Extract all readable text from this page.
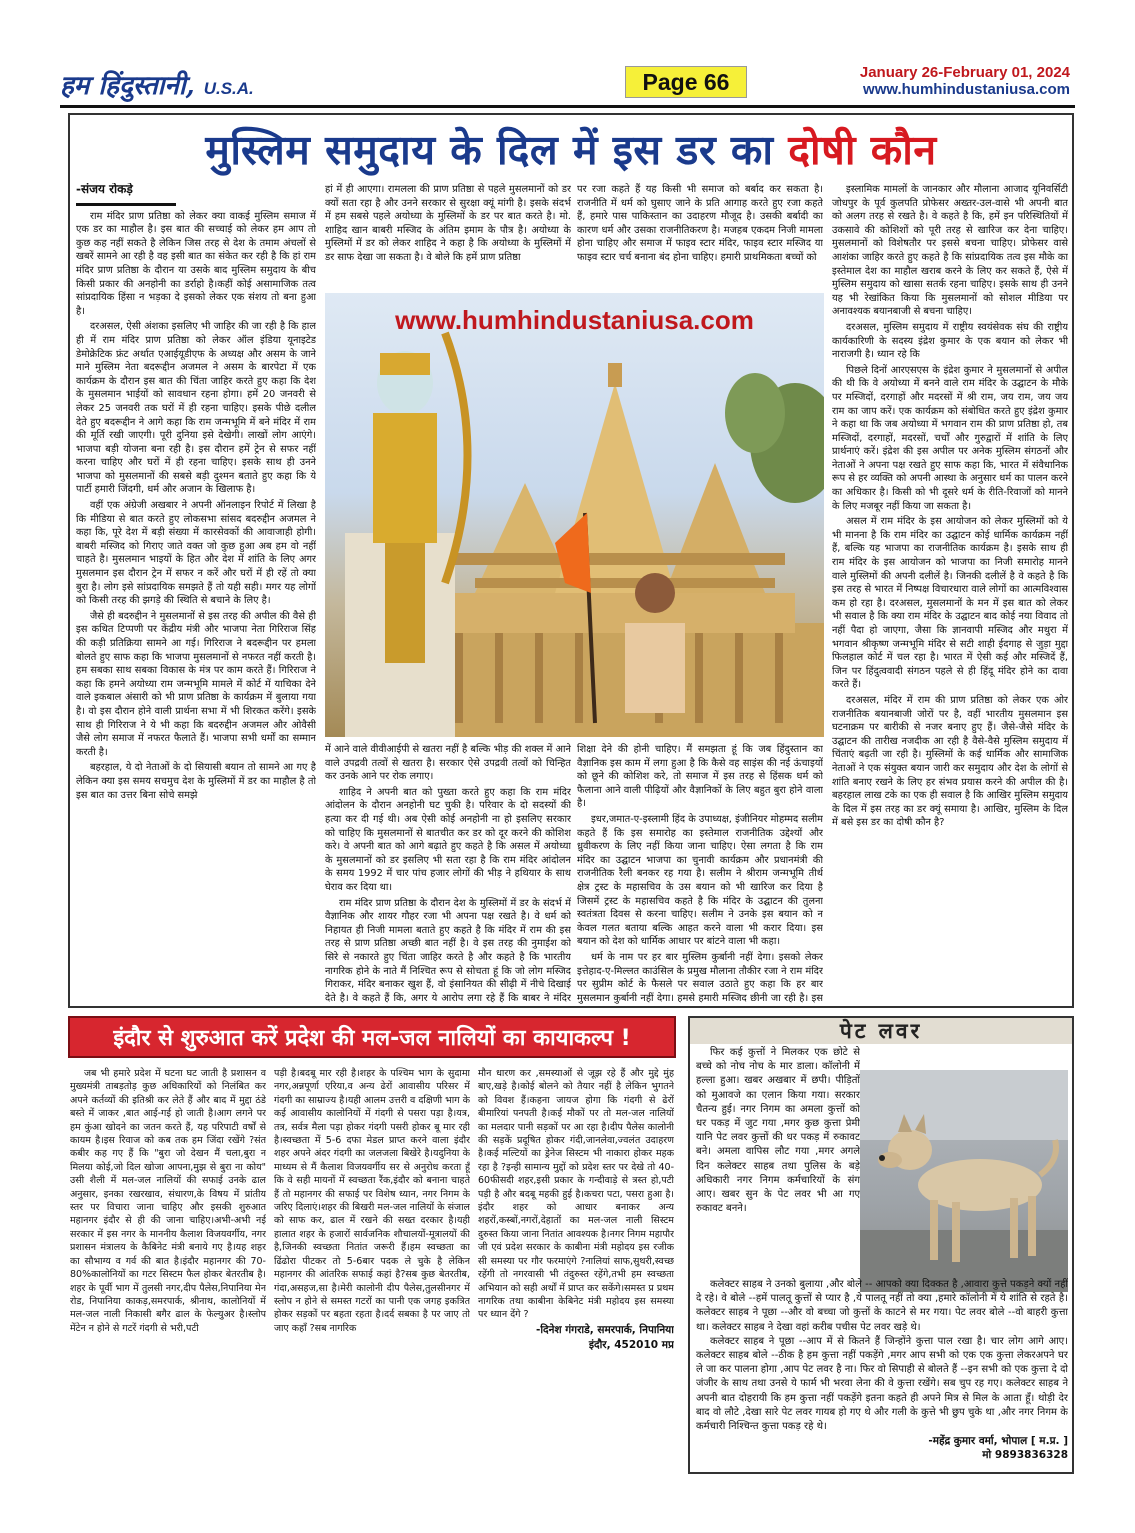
हम हिंदुस्तानी, U.S.A.	Page 66	January 26-February 01, 2024
www.humhindustaniusa.com
मुस्लिम समुदाय के दिल में इस डर का दोषी कौन

-संजय रोकड़े

राम मंदिर प्राण प्रतिष्ठा को लेकर क्या वाकई मुस्लिम समाज में एक डर का माहौल है। इस बात की सच्चाई को लेकर हम आप तो कुछ कह नहीं सकते है लेकिन जिस तरह से देश के तमाम अंचलों से खबरें सामने आ रही है वह इसी बात का संकेत कर रही है कि हां राम मंदिर प्राण प्रतिष्ठा के दौरान या उसके बाद मुस्लिम समुदाय के बीच किसी प्रकार की अनहोनी का डर्राहो है।कहीं कोई असामाजिक तत्व सांप्रदायिक हिंसा न भड़का दे इसको लेकर एक संशय तो बना हुआ है।

दरअसल, ऐसी अंशका इसलिए भी जाहिर की जा रही है कि हाल ही में राम मंदिर प्राण प्रतिष्ठा को लेकर ऑल इंडिया यूनाइटेड डेमोक्रेटिक फ्रंट अर्थात एआईयूडीएफ के अध्यक्ष और असम के जाने माने मुस्लिम नेता बदरूद्दीन अजमल ने असम के बारपेटा में एक कार्यक्रम के दौरान इस बात की चिंता जाहिर करते हुए कहा कि देश के मुसलमान भाईयों को सावधान रहना होगा। हमें 20 जनवरी से लेकर 25 जनवरी तक घरों में ही रहना चाहिए। इसके पीछे दलील देते हुए बदरूद्दीन ने आगे कहा कि राम जन्मभूमि में बने मंदिर में राम की मूर्ति रखी जाएगी। पूरी दुनिया इसे देखेगी। लाखों लोग आएंगे। भाजपा बड़ी योजना बना रही है। इस दौरान हमें ट्रेन से सफर नहीं करना चाहिए और घरों में ही रहना चाहिए। इसके साथ ही उनने भाजपा को मुसलमानों की सबसे बड़ी दुश्मन बताते हुए कहा कि ये पार्टी हमारी जिंदगी, धर्म और अजान के खिलाफ है।

वहीं एक अंग्रेजी अखबार ने अपनी ऑनलाइन रिपोर्ट में लिखा है कि मीडिया से बात करते हुए लोकसभा सांसद बदरुद्दीन अजमल ने कहा कि, पूरे देश में बड़ी संख्या में कारसेवकों की आवाजाही होगी। बाबरी मस्जिद को गिराए जाते वक्त जो कुछ हुआ अब हम वो नहीं चाहते है। मुसलमान भाइयों के हित और देश में शांति के लिए अगर मुसलमान इस दौरान ट्रेन में सफर न करें और घरों में ही रहें तो क्या बुरा है। लोग इसे सांप्रदायिक समझते हैं तो यही सही। मगर यह लोगों को किसी तरह की झगड़े की स्थिति से बचाने के लिए है।

जैसे ही बदरुद्दीन ने मुसलमानों से इस तरह की अपील की वैसे ही इस कथित टिप्पणी पर केंद्रीय मंत्री और भाजपा नेता गिरिराज सिंह की कड़ी प्रतिक्रिया सामने आ गई। गिरिराज ने बदरूद्दीन पर हमला बोलते हुए साफ कहा कि भाजपा मुसलमानों से नफरत नहीं करती है। हम सबका साथ सबका विकास के मंत्र पर काम करते हैं। गिरिराज ने कहा कि हमने अयोध्या राम जन्मभूमि मामले में कोर्ट में याचिका देने वाले इकबाल अंसारी को भी प्राण प्रतिष्ठा के कार्यक्रम में बुलाया गया है। वो इस दौरान होने वाली प्रार्थना सभा में भी शिरकत करेंगे। इसके साथ ही गिरिराज ने ये भी कहा कि बदरुद्दीन अजमल और ओवैसी जैसे लोग समाज में नफरत फैलाते हैं। भाजपा सभी धर्मों का सम्मान करती है।

बहरहाल, ये दो नेताओं के दो सियासी बयान तो सामने आ गए है लेकिन क्या इस समय सचमुच देश के मुस्लिमों में डर का माहौल है तो इस बात का उत्तर बिना सोचे समझे

हां में ही आएगा। रामलला की प्राण प्रतिष्ठा से पहले मुसलमानों को डर क्यों सता रहा है और उनने सरकार से सुरक्षा क्यूं मांगी है। इसके संदर्भ में हम सबसे पहले अयोध्या के मुस्लिमों के डर पर बात करते है। मो. शाहिद खान बाबरी मस्जिद के अंतिम इमाम के पौत्र है। अयोध्या के मुस्लिमों में डर को लेकर शाहिद ने कहा है कि अयोध्या के मुस्लिमों में डर साफ देखा जा सकता है। वे बोले कि हमें प्राण प्रतिष्ठा

पर रजा कहते हैं यह किसी भी समाज को बर्बाद कर सकता है। राजनीति में धर्म को घुसाए जाने के प्रति आगाह करते हुए रजा कहते हैं, हमारे पास पाकिस्तान का उदाहरण मौजूद है। उसकी बर्बादी का कारण धर्म और उसका राजनीतिकरण है। मजहब एकदम निजी मामला होना चाहिए और समाज में फाइव स्टार मंदिर, फाइव स्टार मस्जिद या फाइव स्टार चर्च बनाना बंद होना चाहिए। हमारी प्राथमिकता बच्चों को

www.humhindustaniusa.com

में आने वाले वीवीआईपी से खतरा नहीं है बल्कि भीड़ की शक्ल में आने वाले उपद्रवी तत्वों से खतरा है। सरकार ऐसे उपद्रवी तत्वों को चिन्हित कर उनके आने पर रोक लगाए।

शाहिद ने अपनी बात को पुख्ता करते हुए कहा कि राम मंदिर आंदोलन के दौरान अनहोनी घट चुकी है। परिवार के दो सदस्यों की हत्या कर दी गई थी। अब ऐसी कोई अनहोनी ना हो इसलिए सरकार को चाहिए कि मुसलमानों से बातचीत कर डर को दूर करने की कोशिश करे। वे अपनी बात को आगे बढ़ाते हुए कहते है कि असल में अयोध्या के मुसलमानों को डर इसलिए भी सता रहा है कि राम मंदिर आंदोलन के समय 1992 में चार पांच हजार लोगों की भीड़ ने हथियार के साथ घेराव कर दिया था।

राम मंदिर प्राण प्रतिष्ठा के दौरान देश के मुस्लिमों में डर के संदर्भ में वैज्ञानिक और शायर गौहर रजा भी अपना पक्ष रखते है। वे धर्म को निहायत ही निजी मामला बताते हुए कहते है कि मंदिर में राम की इस तरह से प्राण प्रतिष्ठा अच्छी बात नहीं है। वे इस तरह की नुमाईश को सिरे से नकारते हुए चिंता जाहिर करते है और कहते है कि भारतीय नागरिक होने के नाते मैं निश्चित रूप से सोचता हूं कि जो लोग मस्जिद गिराकर, मंदिर बनाकर खुश हैं, वो इंसानियत की सीढ़ी में नीचे दिखाई देते है। वे कहते हैं कि, अगर ये आरोप लगा रहे हैं कि बाबर ने मंदिर

शिक्षा देने की होनी चाहिए। मैं समझता हूं कि जब हिंदुस्तान का वैज्ञानिक इस काम में लगा हुआ है कि कैसे वह साइंस की नई ऊंचाइयों को छूने की कोशिश करे, तो समाज में इस तरह से हिंसक धर्म को फैलाना आने वाली पीढ़ियों और वैज्ञानिकों के लिए बहुत बुरा होने वाला है।

इधर,जमात-ए-इस्लामी हिंद के उपाध्यक्ष, इंजीनियर मोहम्मद सलीम कहते हैं कि इस समारोह का इस्तेमाल राजनीतिक उद्देश्यों और ध्रुवीकरण के लिए नहीं किया जाना चाहिए। ऐसा लगता है कि राम मंदिर का उद्घाटन भाजपा का चुनावी कार्यक्रम और प्रधानमंत्री की राजनीतिक रैली बनकर रह गया है। सलीम ने श्रीराम जन्मभूमि तीर्थ क्षेत्र ट्रस्ट के महासचिव के उस बयान को भी खारिज कर दिया है जिसमें ट्रस्ट के महासचिव कहते है कि मंदिर के उद्घाटन की तुलना स्वतंत्रता दिवस से करना चाहिए। सलीम ने उनके इस बयान को न केवल गलत बताया बल्कि आहत करने वाला भी करार दिया। इस बयान को देश को धार्मिक आधार पर बांटने वाला भी कहा।

धर्म के नाम पर हर बार मुस्लिम कुर्बानी नहीं देगा। इसको लेकर इत्तेहाद-ए-मिल्लत काउंसिल के प्रमुख मौलाना तौकीर रजा ने राम मंदिर पर सुप्रीम कोर्ट के फैसले पर सवाल उठाते हुए कहा कि हर बार मुसलमान कुर्बानी नहीं देगा। हमसे हमारी मस्जिद छीनी जा रही है। इस

इस्लामिक मामलों के जानकार और मौलाना आजाद यूनिवर्सिटी जोधपुर के पूर्व कुलपति प्रोफेसर अख्तर-उल-वासे भी अपनी बात को अलग तरह से रखते है। वे कहते है कि, हमें इन परिस्थितियों में उकसावे की कोशिशों को पूरी तरह से खारिज कर देना चाहिए। मुसलमानों को विशेषतौर पर इससे बचना चाहिए। प्रोफेसर वासे आशंका जाहिर करते हुए कहते है कि सांप्रदायिक तत्व इस मौके का इस्तेमाल देश का माहौल खराब करने के लिए कर सकते हैं, ऐसे में मुस्लिम समुदाय को खासा सतर्क रहना चाहिए। इसके साथ ही उनने यह भी रेखांकित किया कि मुसलमानों को सोशल मीडिया पर अनावश्यक बयानबाजी से बचना चाहिए।

दरअसल, मुस्लिम समुदाय में राष्ट्रीय स्वयंसेवक संघ की राष्ट्रीय कार्यकारिणी के सदस्य इंद्रेश कुमार के एक बयान को लेकर भी नाराजगी है। ध्यान रहे कि

पिछले दिनों आरएसएस के इंद्रेश कुमार ने मुसलमानों से अपील की थी कि वे अयोध्या में बनने वाले राम मंदिर के उद्घाटन के मौके पर मस्जिदों, दरगाहों और मदरसों में श्री राम, जय राम, जय जय राम का जाप करें। एक कार्यक्रम को संबोधित करते हुए इंद्रेश कुमार ने कहा था कि जब अयोध्या में भगवान राम की प्राण प्रतिष्ठा हो, तब मस्जिदों, दरगाहों, मदरसों, चर्चों और गुरुद्वारों में शांति के लिए प्रार्थनाएं करें। इंद्रेश की इस अपील पर अनेक मुस्लिम संगठनों और नेताओं ने अपना पक्ष रखते हुए साफ कहा कि, भारत में संवैधानिक रूप से हर व्यक्ति को अपनी आस्था के अनुसार धर्म का पालन करने का अधिकार है। किसी को भी दूसरे धर्म के रीति-रिवाजों को मानने के लिए मजबूर नहीं किया जा सकता है।

असल में राम मंदिर के इस आयोजन को लेकर मुस्लिमों को ये भी मानना है कि राम मंदिर का उद्घाटन कोई धार्मिक कार्यक्रम नहीं हैं, बल्कि यह भाजपा का राजनीतिक कार्यक्रम है। इसके साथ ही राम मंदिर के इस आयोजन को भाजपा का निजी समारोह मानने वाले मुस्लिमों की अपनी दलीलें है। जिनकी दलीलें है वे कहते है कि इस तरह से भारत में निष्पक्ष विचारधारा वाले लोगों का आत्मविश्वास कम हो रहा है। दरअसल, मुसलमानों के मन में इस बात को लेकर भी सवाल है कि क्या राम मंदिर के उद्घाटन बाद कोई नया विवाद तो नहीं पैदा हो जाएगा, जैसा कि ज्ञानवापी मस्जिद और मथुरा में भगवान श्रीकृष्ण जन्मभूमि मंदिर से सटी शाही ईदगाह से जुड़ा मुद्दा फिलहाल कोर्ट में चल रहा है। भारत में ऐसी कई और मस्जिदें हैं, जिन पर हिंदुत्ववादी संगठन पहले से ही हिंदू मंदिर होने का दावा करते हैं।

दरअसल, मंदिर में राम की प्राण प्रतिष्ठा को लेकर एक ओर राजनीतिक बयानबाजी जोरों पर है, वहीं भारतीय मुसलमान इस घटनाक्रम पर बारीकी से नजर बनाए हुए हैं। जैसे-जैसे मंदिर के उद्घाटन की तारीख नजदीक आ रही है वैसे-वैसे मुस्लिम समुदाय में चिंताएं बढ़ती जा रही है। मुस्लिमों के कई धार्मिक और सामाजिक नेताओं ने एक संयुक्त बयान जारी कर समुदाय और देश के लोगों से शांति बनाए रखने के लिए हर संभव प्रयास करने की अपील की है। बहरहाल लाख टके का एक ही सवाल है कि आखिर मुस्लिम समुदाय के दिल में इस तरह का डर क्यूं समाया है। आखिर, मुस्लिम के दिल में बसे इस डर का दोषी कौन है?

इंदौर से शुरुआत करें प्रदेश की मल-जल नालियों का कायाकल्प !

जब भी हमारे प्रदेश में घटना घट जाती है प्रशासन व मुख्यमंत्री ताबड़तोड़ कुछ अधिकारियों को निलंबित कर अपने कर्तव्यों की इतिश्री कर लेते हैं और बाद में मुद्दा ठंडे बस्ते में जाकर ,बात आई-गई हो जाती है।आग लगने पर हम कुंआ खोदने का जतन करते हैं, यह परिपाटी वर्षों से कायम है।इस रिवाज को कब तक हम जिंदा रखेंगे ?संत कबीर कह गए हैं कि "बुरा जो देखन मैं चला,बुरा न मिलया कोई,जो दिल खोजा आपना,मुझ से बुरा ना कोय" उसी शैली में मल-जल नालियों की सफाई उनके ढाल अनुसार, इनका रखरखाव, संधारण,के विषय में प्रांतीय स्तर पर विचारा जाना चाहिए और इसकी शुरुआत महानगर इंदौर से ही की जाना चाहिए।अभी-अभी नई सरकार में इस नगर के माननीय कैलाश विजयवर्गीय, नगर प्रशासन मंत्रालय के कैबिनेट मंत्री बनाये गए है।यह शहर का सौभाग्य व गर्व की बात है।इंदौर महानगर की 70-80%कालोनियों का गटर सिस्टम फैल होकर बेतरतीब है।शहर के पूर्वी भाग में तुलसी नगर,दीप पैलेस,निपानिया मेन रोड, निपानिया काकड़,समरपार्क, श्रीनाथ, कालोनियों में मल-जल नाली निकासी बगैर ढाल के फेल्युअर है।स्लोप मेंटेन न होने से गटरें गंदगी से भरी,पटी

पड़ी है।बदबू मार रही है।शहर के पश्चिम भाग के सुदामा नगर,अन्नपूर्णा एरिया,व अन्य ढेरों आवासीय परिसर में गंदगी का साम्राज्य है।यही आलम उत्तरी व दक्षिणी भाग के कई आवासीय कालोनियों में गंदगी से पसरा पड़ा है।यत्र, तत्र, सर्वत्र मैला पड़ा होकर गंदगी पसरी होकर बू मार रही है।स्वच्छता में 5-6 दफा मेडल प्राप्त करने वाला इंदौर शहर अपने अंदर गंदगी का जलजला बिखेरे है।यदुनिया के माध्यम से मैं कैलाश विजयवर्गीय सर से अनुरोध करता हूँ कि वे सही मायनों में स्वच्छता रैंक,इंदौर को बनाना चाहते हैं तो महानगर की सफाई पर विशेष ध्यान, नगर निगम के जरिए दिलाएं।शहर की बिखरी मल-जल नालियों के संजाल को साफ कर, ढाल में रखने की सख्त दरकार है।यही हालात शहर के हजारों सार्वजनिक शौचालयों-मूत्रालयों की है,जिनकी स्वच्छता नितांत जरूरी हैं।हम स्वच्छता का ढिंढोरा पीटकर तो 5-6बार पदक ले चुके है लेकिन महानगर की आंतरिक सफाई कहां है?सब कुछ बेतरतीब, गंदा,असहज,सा है।मेरी कालोनी दीप पैलेस,तुलसीनगर में स्लोप न होने से समस्त गटरों का पानी एक जगह इकत्रित होकर सड़कों पर बहता रहता है।दर्द सबका है पर जाए तो जाए कहाँ ?सब नागरिक

मौन धारण कर ,समस्याओं से जूझ रहे हैं और मुद्दे मुंह बाए,खड़े है।कोई बोलने को तैयार नहीं है लेकिन भुगतने को विवश हैं।कहना जायज होगा कि गंदगी से ढेरों बीमारियां पनपती है।कई मौकों पर तो मल-जल नालियों का मलदार पानी सड़कों पर आ रहा है।दीप पैलेस कालोनी की सड़कें प्रदूषित होकर गंदी,जानलेवा,ज्वलंत उदाहरण है।कई मल्टियों का ड्रेनेज सिस्टम भी नाकारा होकर महक रहा है ?इन्ही सामान्य मुद्दों को प्रदेश स्तर पर देखे तो 40-60फीसदी शहर,इसी प्रकार के गन्दीवाड़े से त्रस्त हो,पटी पड़ी है और बदबू महकी हुई है।कचरा पटा, पसरा हुआ है।इंदौर शहर को आधार बनाकर अन्य शहरों,कस्बों,नगरों,देहातों का मल-जल नाली सिस्टम दुरुस्त किया जाना नितांत आवश्यक है।नगर निगम महापौर जी एवं प्रदेश सरकार के काबीना मंत्री महोदय इस रजीक सी समस्या पर गौर फरमाएंगे ?नालियां साफ,सुथरी,स्वच्छ रहेंगी तो नगरवासी भी तंदुरुस्त रहेंगे,तभी हम स्वच्छता अभियान को सही अर्थों में प्राप्त कर सकेंगे।समस्त प्र प्रथम नागरिक तथा काबीना केबिनेट मंत्री महोदय इस समस्या पर ध्यान देंगे ?

-दिनेश गंगराडे, समरपार्क, निपानिया

इंदौर, 452010 मप्र

पेट लवर

फिर कई कुत्तों ने मिलकर एक छोटे से बच्चे को नोच नोच के मार डाला। कॉलोनी में हल्ला हुआ। खबर अखबार में छपी। पीड़ितों को मुआवजे का एलान किया गया। सरकार चैतन्य हुई। नगर निगम का अमला कुत्तों को धर पकड़ में जुट गया ,मगर कुछ कुत्ता प्रेमी यानि पेट लवर कुत्तों की धर पकड़ में रुकावट बने। अमला वापिस लौट गया ,मगर अगले दिन कलेक्टर साहब तथा पुलिस के बड़े अधिकारी नगर निगम कर्मचारियों के संग आए। खबर सुन के पेट लवर भी आ गए रुकावट बनने।

कलेक्टर साहब ने उनको बुलाया ,और बोले -- आपको क्या दिक्कत है ,आवारा कुत्ते पकड़ने क्यों नहीं दे रहे। वे बोले --हमें पालतू कुत्तों से प्यार है ,ये पालतू नहीं तो क्या ,हमारे कॉलोनी में ये शांति से रहते है। कलेक्टर साहब ने पूछा --और वो बच्चा जो कुत्तों के काटने से मर गया। पेट लवर बोले --वो बाहरी कुत्ता था। कलेक्टर साहब ने देखा वहां करीब पचीस पेट लवर खड़े थे।

कलेक्टर साहब ने पूछा --आप में से कितने हैं जिन्होंने कुत्ता पाल रखा है। चार लोग आगे आए। कलेक्टर साहब बोले --ठीक है हम कुत्ता नहीं पकड़ेंगे ,मगर आप सभी को एक एक कुत्ता लेकरअपने घर ले जा कर पालना होगा ,आप पेट लवर है ना। फिर वो सिपाही से बोलते हैं --इन सभी को एक कुत्ता दे दो जंजीर के साथ तथा उनसे ये फार्म भी भरवा लेना की वे कुत्ता रखेंगे। सब चुप रह गए। कलेक्टर साहब ने अपनी बात दोहरायी कि हम कुत्ता नहीं पकड़ेंगे इतना कहते ही अपने मित्र से मिल के आता हूँ। थोड़ी देर बाद वो लौटे ,देखा सारे पेट लवर गायब हो गए थे और गली के कुत्ते भी छुप चुके था ,और नगर निगम के कर्मचारी निश्चिन्त कुत्ता पकड़ रहे थे।

-महेंद्र कुमार वर्मा, भोपाल [ म.प्र. ]

मो 9893836328
